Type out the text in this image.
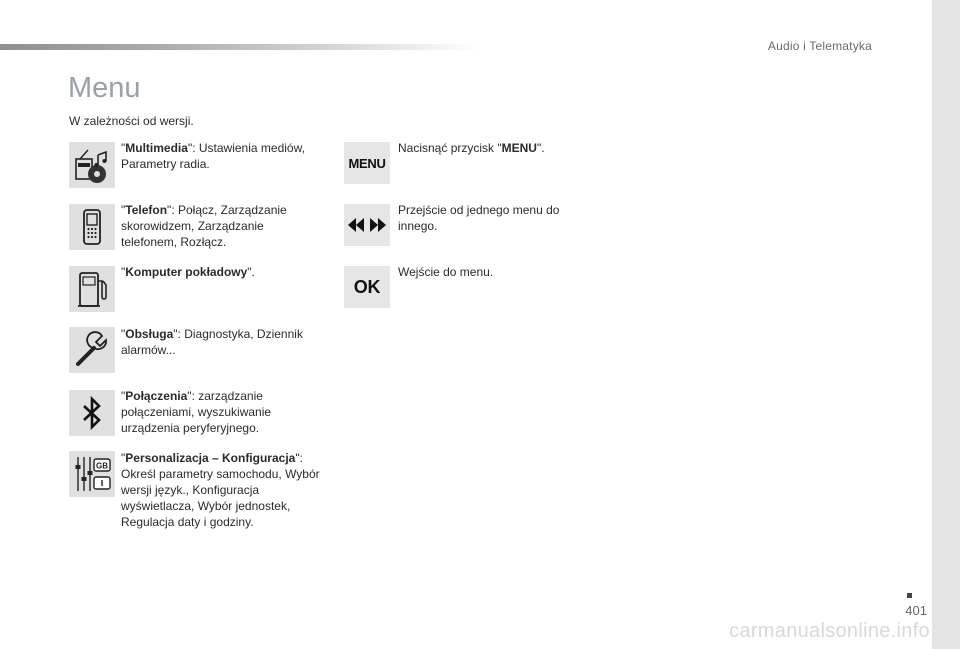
Audio i Telematyka
Menu
W zależności od wersji.
"Multimedia": Ustawienia mediów, Parametry radia.
"Telefon": Połącz, Zarządzanie skorowidzem, Zarządzanie telefonem, Rozłącz.
"Komputer pokładowy".
"Obsługa": Diagnostyka, Dziennik alarmów...
"Połączenia": zarządzanie połączeniami, wyszukiwanie urządzenia peryferyjnego.
GB
"Personalizacja – Konfiguracja": Określ parametry samochodu, Wybór wersji język., Konfiguracja wyświetlacza, Wybór jednostek, Regulacja daty i godziny.
MENU
Nacisnąć przycisk "MENU".
Przejście od jednego menu do innego.
OK
Wejście do menu.
401
carmanualsonline.info
